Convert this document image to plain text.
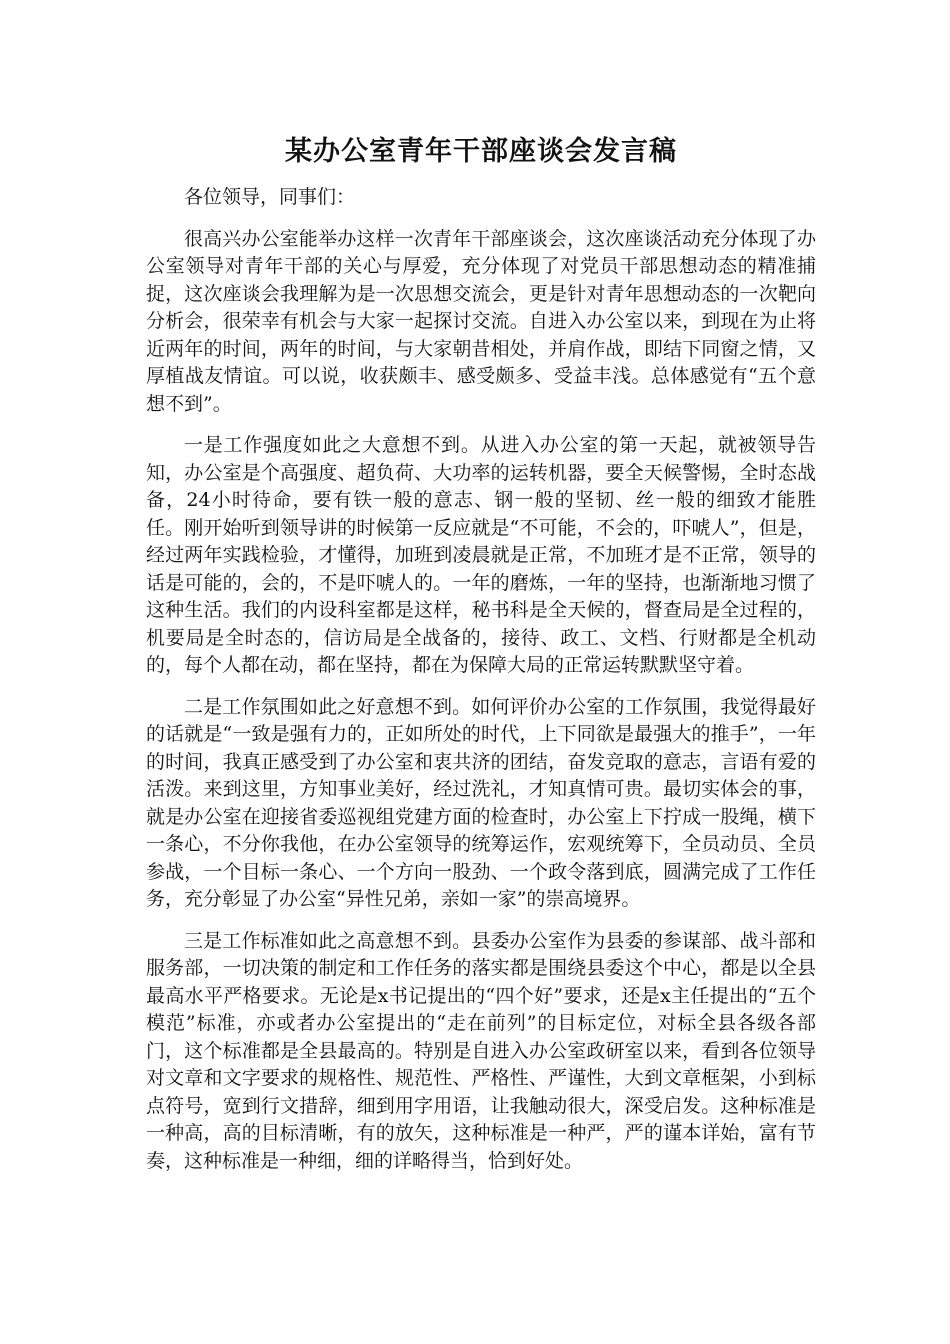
某办公室青年干部座谈会发言稿

各位领导，同事们：

很高兴办公室能举办这样一次青年干部座谈会，这次座谈活动充分体现了办公室领导对青年干部的关心与厚爱，充分体现了对党员干部思想动态的精准捕捉，这次座谈会我理解为是一次思想交流会，更是针对青年思想动态的一次靶向分析会，很荣幸有机会与大家一起探讨交流。自进入办公室以来，到现在为止将近两年的时间，两年的时间，与大家朝昔相处，并肩作战，即结下同窗之情，又厚植战友情谊。可以说，收获颇丰、感受颇多、受益丰浅。总体感觉有“五个意想不到”。

一是工作强度如此之大意想不到。从进入办公室的第一天起，就被领导告知，办公室是个高强度、超负荷、大功率的运转机器，要全天候警惕，全时态战备，24小时待命，要有铁一般的意志、钢一般的坚韧、丝一般的细致才能胜任。刚开始听到领导讲的时候第一反应就是“不可能，不会的，吓唬人”，但是，经过两年实践检验，才懂得，加班到凌晨就是正常，不加班才是不正常，领导的话是可能的，会的，不是吓唬人的。一年的磨炼，一年的坚持，也渐渐地习惯了这种生活。我们的内设科室都是这样，秘书科是全天候的，督查局是全过程的，机要局是全时态的，信访局是全战备的，接待、政工、文档、行财都是全机动的，每个人都在动，都在坚持，都在为保障大局的正常运转默默坚守着。

二是工作氛围如此之好意想不到。如何评价办公室的工作氛围，我觉得最好的话就是“一致是强有力的，正如所处的时代，上下同欲是最强大的推手”，一年的时间，我真正感受到了办公室和衷共济的团结，奋发竞取的意志，言语有爱的活泼。来到这里，方知事业美好，经过洗礼，才知真情可贵。最切实体会的事，就是办公室在迎接省委巡视组党建方面的检查时，办公室上下拧成一股绳，横下一条心，不分你我他，在办公室领导的统筹运作，宏观统筹下，全员动员、全员参战，一个目标一条心、一个方向一股劲、一个政令落到底，圆满完成了工作任务，充分彰显了办公室“异性兄弟，亲如一家”的崇高境界。

三是工作标准如此之高意想不到。县委办公室作为县委的参谋部、战斗部和服务部，一切决策的制定和工作任务的落实都是围绕县委这个中心，都是以全县最高水平严格要求。无论是x书记提出的“四个好”要求，还是x主任提出的“五个模范”标准，亦或者办公室提出的“走在前列”的目标定位，对标全县各级各部门，这个标准都是全县最高的。特别是自进入办公室政研室以来，看到各位领导对文章和文字要求的规格性、规范性、严格性、严谨性，大到文章框架，小到标点符号，宽到行文措辞，细到用字用语，让我触动很大，深受启发。这种标准是一种高，高的目标清晰，有的放矢，这种标准是一种严，严的谨本详始，富有节奏，这种标准是一种细，细的详略得当，恰到好处。
